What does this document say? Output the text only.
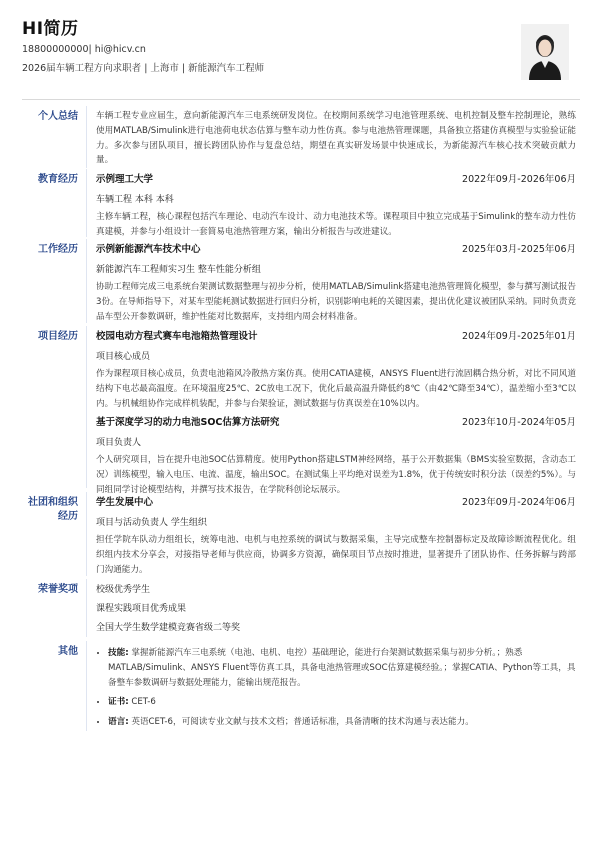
HI简历
18800000000| hi@hicv.cn
2026届车辆工程方向求职者 | 上海市 | 新能源汽车工程师
个人总结 车辆工程专业应届生，意向新能源汽车三电系统研发岗位。在校期间系统学习电池管理系统、电机控制及整车控制理论，熟练使用MATLAB/Simulink进行电池荷电状态估算与整车动力性仿真。参与电池热管理课题，具备独立搭建仿真模型与实验验证能力。多次参与团队项目，擅长跨团队协作与复盘总结，期望在真实研发场景中快速成长，为新能源汽车核心技术突破贡献力量。
教育经历 示例理工大学	2022年09月-2026年06月
车辆工程 本科 本科
主修车辆工程，核心课程包括汽车理论、电动汽车设计、动力电池技术等。课程项目中独立完成基于Simulink的整车动力性仿真建模，并参与小组设计一套简易电池热管理方案，输出分析报告与改进建议。
工作经历 示例新能源汽车技术中心	2025年03月-2025年06月
新能源汽车工程师实习生 整车性能分析组
协助工程师完成三电系统台架测试数据整理与初步分析，使用MATLAB/Simulink搭建电池热管理简化模型，参与撰写测试报告3份。在导师指导下，对某车型能耗测试数据进行回归分析，识别影响电耗的关键因素，提出优化建议被团队采纳。同时负责竞品车型公开参数调研，维护性能对比数据库，支持组内周会材料准备。
项目经历 校园电动方程式赛车电池箱热管理设计	2024年09月-2025年01月
项目核心成员
作为课程项目核心成员，负责电池箱风冷散热方案仿真。使用CATIA建模，ANSYS Fluent进行流固耦合热分析，对比不同风道结构下电芯最高温度。在环境温度25℃、2C放电工况下，优化后最高温升降低约8℃（由42℃降至34℃），温差缩小至3℃以内。与机械组协作完成样机装配，并参与台架验证，测试数据与仿真误差在10%以内。
基于深度学习的动力电池SOC估算方法研究	2023年10月-2024年05月
项目负责人
个人研究项目，旨在提升电池SOC估算精度。使用Python搭建LSTM神经网络，基于公开数据集（BMS实验室数据，含动态工况）训练模型，输入电压、电流、温度，输出SOC。在测试集上平均绝对误差为1.8%，优于传统安时积分法（误差约5%）。与同组同学讨论模型结构，并撰写技术报告，在学院科创论坛展示。
社团和组织
经历
学生发展中心	2023年09月-2024年06月
项目与活动负责人 学生组织
担任学院车队动力组组长，统筹电池、电机与电控系统的调试与数据采集，主导完成整车控制器标定及故障诊断流程优化。组织组内技术分享会，对接指导老师与供应商，协调多方资源，确保项目节点按时推进，显著提升了团队协作、任务拆解与跨部门沟通能力。
荣誉奖项 校级优秀学生
课程实践项目优秀成果
全国大学生数学建模竞赛省级二等奖
其他
•	技能: 掌握新能源汽车三电系统（电池、电机、电控）基础理论，能进行台架测试数据采集与初步分析。；熟悉MATLAB/Simulink、ANSYS Fluent等仿真工具，具备电池热管理或SOC估算建模经验。；掌握CATIA、Python等工具，具备整车参数调研与数据处理能力，能输出规范报告。
• 证书: CET-6
• 语言: 英语CET-6，可阅读专业文献与技术文档；普通话标准，具备清晰的技术沟通与表达能力。
